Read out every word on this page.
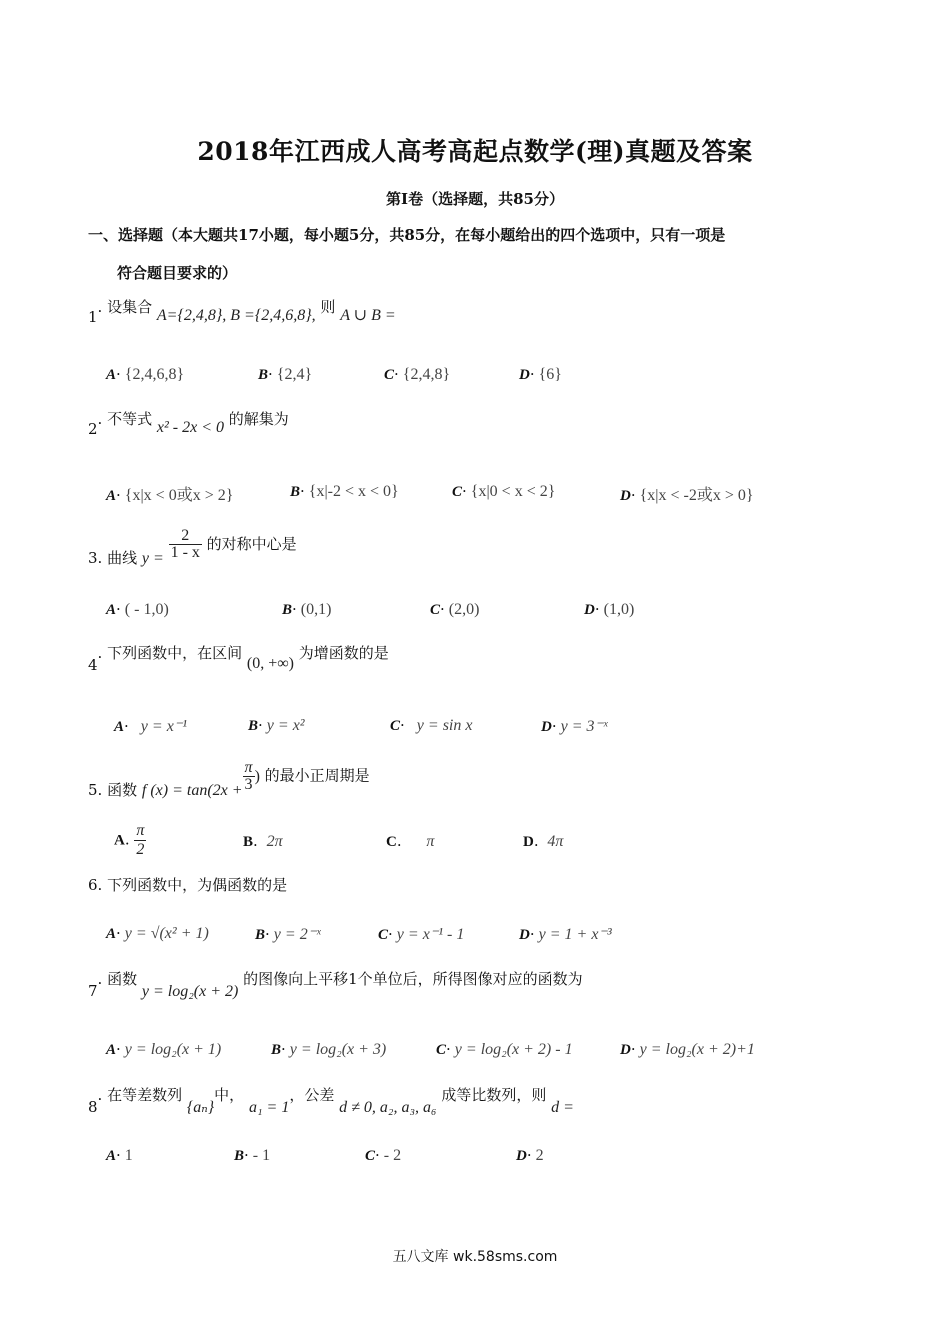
2018年江西成人高考高起点数学(理)真题及答案
第Ⅰ卷（选择题，共85分）
一、选择题（本大题共17小题，每小题5分，共85分，在每小题给出的四个选项中，只有一项是
符合题目要求的）
1. 设集合 A={2,4,8}, B ={2,4,6,8}, 则 A ∪ B =
A· {2,4,6,8}	B· {2,4}	C· {2,4,8}	D· {6}
2. 不等式 x² - 2x < 0 的解集为
A· {x|x < 0或x > 2}	B· {x|-2 < x < 0}	C· {x|0 < x < 2}	D· {x|x < -2或x > 0}
3. 曲线 $y = \frac{2}{1 - x}$ 的对称中心是
A· ( - 1,0)	B· (0,1)	C· (2,0)	D· (1,0)
4. 下列函数中，在区间 (0, +∞) 为增函数的是
A· y = x⁻¹	B· y = x²	C· y = sin x	D· y = 3⁻ˣ
5. 函数 f $(x) = \tan(2x + \frac{\pi}{3}$ ) 的最小正周期是
A. $\frac{\pi}{2}$	B. 2π	C. π	D. 4π
6. 下列函数中，为偶函数的是
A· y = √(x² + 1)	B· y = 2⁻ˣ	C· y = x⁻¹ - 1	D· y = 1 + x⁻³
7. 函数 y = log₂(x + 2) 的图像向上平移1个单位后，所得图像对应的函数为
A· y = log₂(x + 1)	B· y = log₂(x + 3)	C· y = log₂(x + 2) - 1	D· y = log₂(x + 2)+1
8. 在等差数列 {aₙ}中， a₁ = 1，公差 d ≠ 0, a₂, a₃, a₆ 成等比数列，则 d =
A· 1	B· - 1	C· - 2	D· 2
五八文库 wk.58sms.com
